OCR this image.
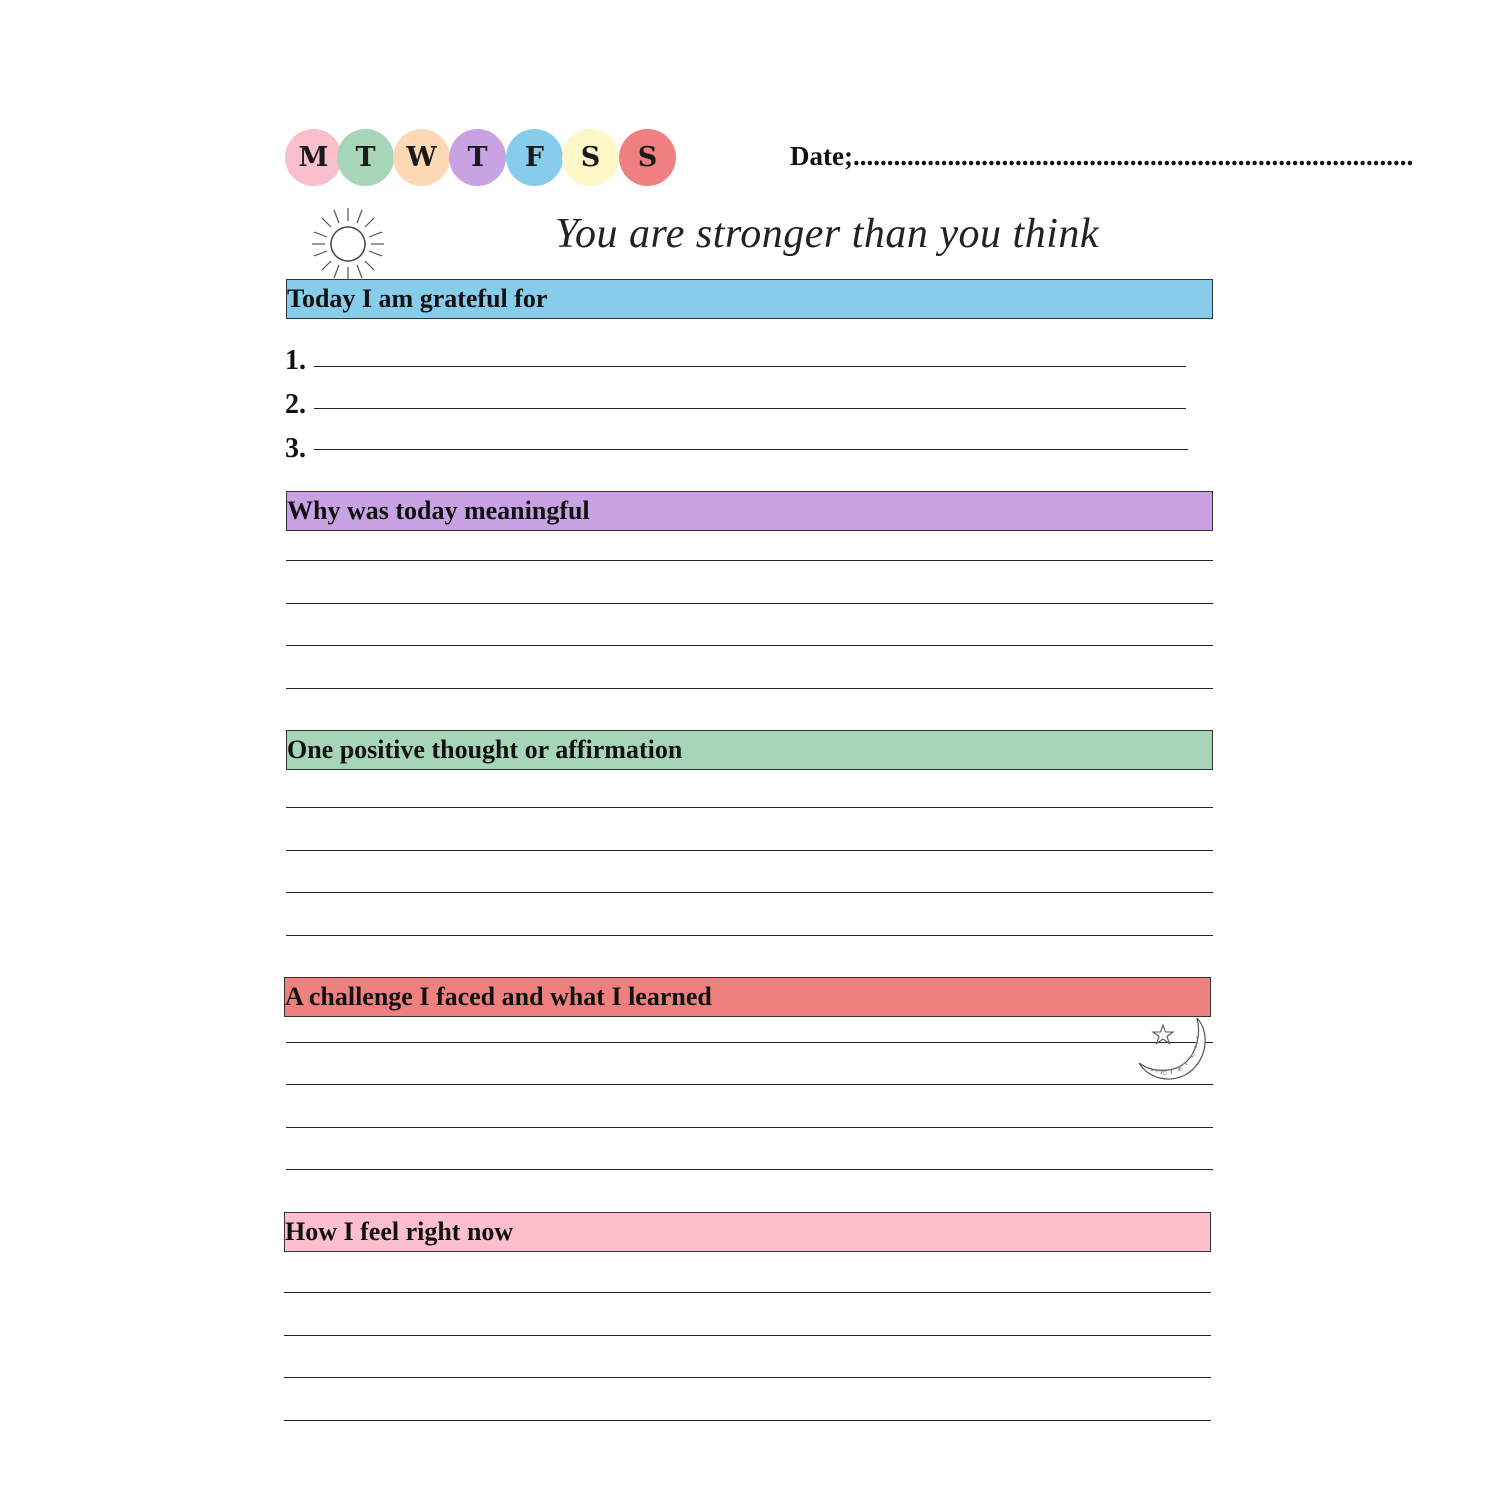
M T W T F S S	Date;...................................................................................
You are stronger than you think
Today I am grateful for
1.
2.
3.
Why was today meaningful
One positive thought or affirmation
A challenge I faced and what I learned
How I feel right now
